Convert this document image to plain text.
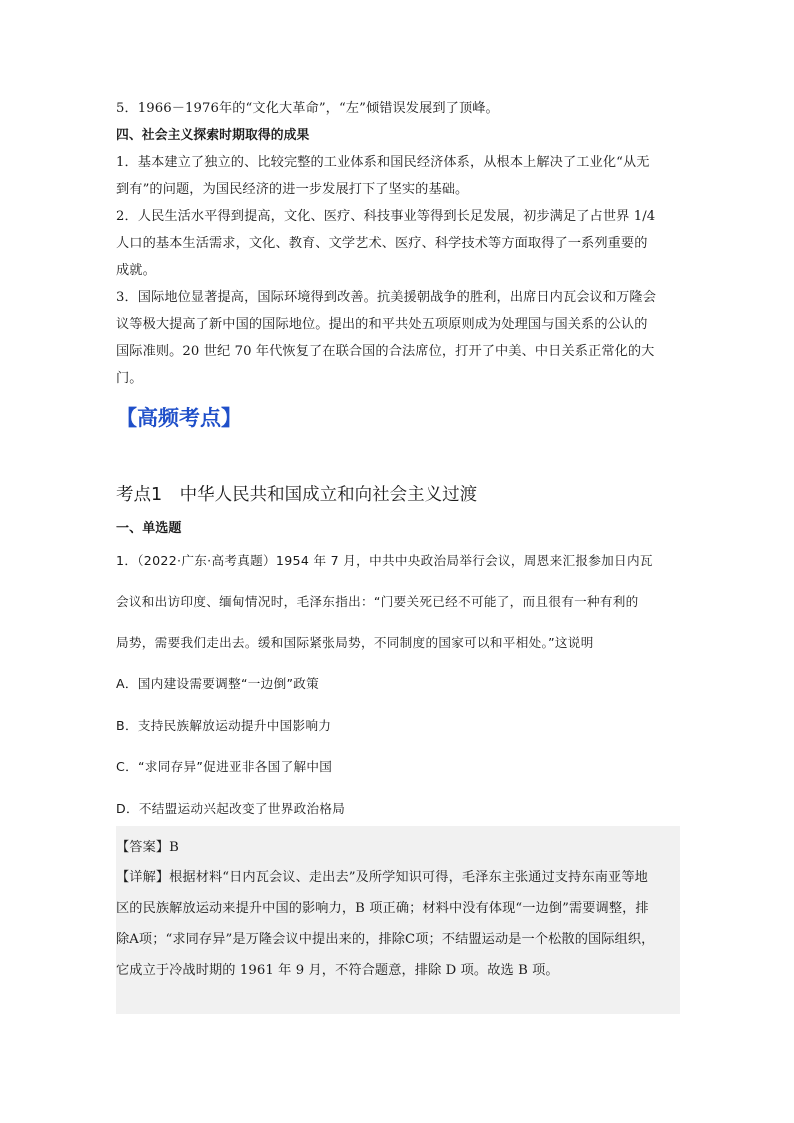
5．1966－1976年的“文化大革命”，“左”倾错误发展到了顶峰。
四、社会主义探索时期取得的成果
1．基本建立了独立的、比较完整的工业体系和国民经济体系，从根本上解决了工业化“从无
到有”的问题，为国民经济的进一步发展打下了坚实的基础。
2．人民生活水平得到提高，文化、医疗、科技事业等得到长足发展，初步满足了占世界 1/4
人口的基本生活需求，文化、教育、文学艺术、医疗、科学技术等方面取得了一系列重要的
成就。
3．国际地位显著提高，国际环境得到改善。抗美援朝战争的胜利，出席日内瓦会议和万隆会
议等极大提高了新中国的国际地位。提出的和平共处五项原则成为处理国与国关系的公认的
国际准则。20 世纪 70 年代恢复了在联合国的合法席位，打开了中美、中日关系正常化的大
门。
【高频考点】
考点1　中华人民共和国成立和向社会主义过渡
一、单选题
1．（2022·广东·高考真题）1954 年 7 月，中共中央政治局举行会议，周恩来汇报参加日内瓦
会议和出访印度、缅甸情况时，毛泽东指出：“门要关死已经不可能了，而且很有一种有利的
局势，需要我们走出去。缓和国际紧张局势，不同制度的国家可以和平相处。”这说明
A．国内建设需要调整“一边倒”政策
B．支持民族解放运动提升中国影响力
C．“求同存异”促进亚非各国了解中国
D．不结盟运动兴起改变了世界政治格局
【答案】B
【详解】根据材料“日内瓦会议、走出去”及所学知识可得，毛泽东主张通过支持东南亚等地
区的民族解放运动来提升中国的影响力，B 项正确；材料中没有体现“一边倒”需要调整，排
除A项；“求同存异”是万隆会议中提出来的，排除C项；不结盟运动是一个松散的国际组织，
它成立于冷战时期的 1961 年 9 月，不符合题意，排除 D 项。故选 B 项。
